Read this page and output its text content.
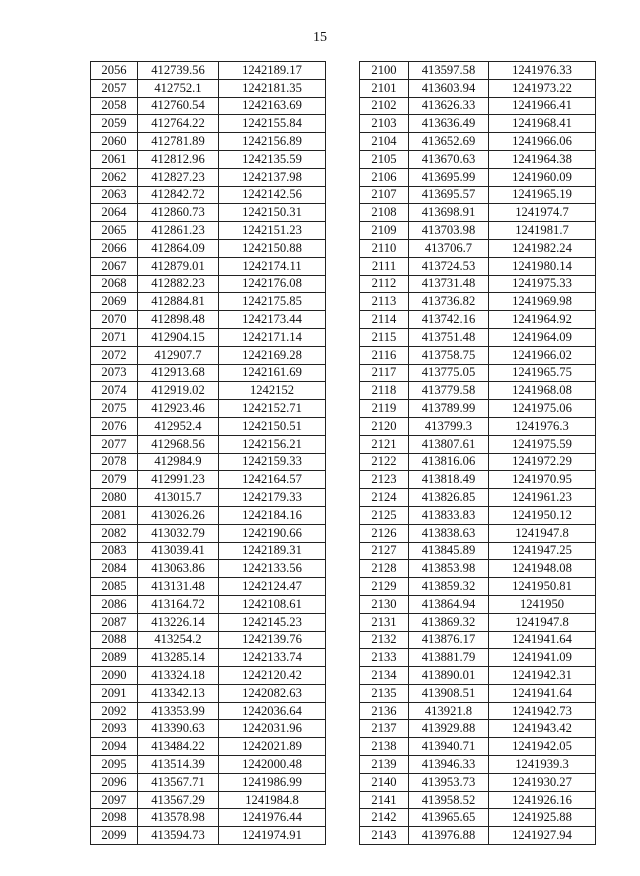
15
2056	412739.56	1242189.17
2057	412752.1	1242181.35
2058	412760.54	1242163.69
2059	412764.22	1242155.84
2060	412781.89	1242156.89
2061	412812.96	1242135.59
2062	412827.23	1242137.98
2063	412842.72	1242142.56
2064	412860.73	1242150.31
2065	412861.23	1242151.23
2066	412864.09	1242150.88
2067	412879.01	1242174.11
2068	412882.23	1242176.08
2069	412884.81	1242175.85
2070	412898.48	1242173.44
2071	412904.15	1242171.14
2072	412907.7	1242169.28
2073	412913.68	1242161.69
2074	412919.02	1242152
2075	412923.46	1242152.71
2076	412952.4	1242150.51
2077	412968.56	1242156.21
2078	412984.9	1242159.33
2079	412991.23	1242164.57
2080	413015.7	1242179.33
2081	413026.26	1242184.16
2082	413032.79	1242190.66
2083	413039.41	1242189.31
2084	413063.86	1242133.56
2085	413131.48	1242124.47
2086	413164.72	1242108.61
2087	413226.14	1242145.23
2088	413254.2	1242139.76
2089	413285.14	1242133.74
2090	413324.18	1242120.42
2091	413342.13	1242082.63
2092	413353.99	1242036.64
2093	413390.63	1242031.96
2094	413484.22	1242021.89
2095	413514.39	1242000.48
2096	413567.71	1241986.99
2097	413567.29	1241984.8
2098	413578.98	1241976.44
2099	413594.73	1241974.91
2100	413597.58	1241976.33
2101	413603.94	1241973.22
2102	413626.33	1241966.41
2103	413636.49	1241968.41
2104	413652.69	1241966.06
2105	413670.63	1241964.38
2106	413695.99	1241960.09
2107	413695.57	1241965.19
2108	413698.91	1241974.7
2109	413703.98	1241981.7
2110	413706.7	1241982.24
2111	413724.53	1241980.14
2112	413731.48	1241975.33
2113	413736.82	1241969.98
2114	413742.16	1241964.92
2115	413751.48	1241964.09
2116	413758.75	1241966.02
2117	413775.05	1241965.75
2118	413779.58	1241968.08
2119	413789.99	1241975.06
2120	413799.3	1241976.3
2121	413807.61	1241975.59
2122	413816.06	1241972.29
2123	413818.49	1241970.95
2124	413826.85	1241961.23
2125	413833.83	1241950.12
2126	413838.63	1241947.8
2127	413845.89	1241947.25
2128	413853.98	1241948.08
2129	413859.32	1241950.81
2130	413864.94	1241950
2131	413869.32	1241947.8
2132	413876.17	1241941.64
2133	413881.79	1241941.09
2134	413890.01	1241942.31
2135	413908.51	1241941.64
2136	413921.8	1241942.73
2137	413929.88	1241943.42
2138	413940.71	1241942.05
2139	413946.33	1241939.3
2140	413953.73	1241930.27
2141	413958.52	1241926.16
2142	413965.65	1241925.88
2143	413976.88	1241927.94
